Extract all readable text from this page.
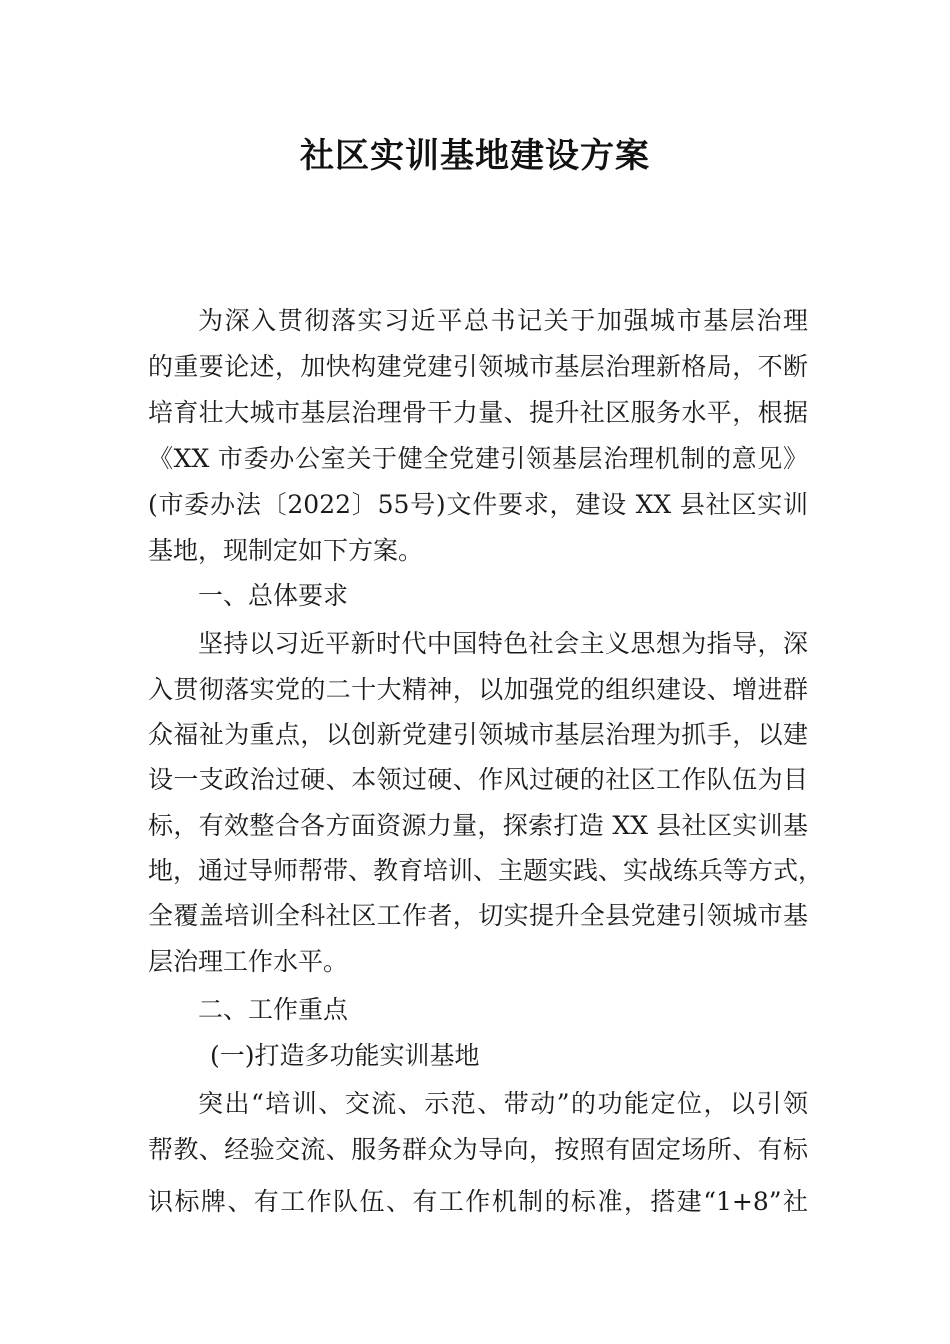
社区实训基地建设方案
为深入贯彻落实习近平总书记关于加强城市基层治理
的重要论述，加快构建党建引领城市基层治理新格局，不断
培育壮大城市基层治理骨干力量、提升社区服务水平，根据
《XX 市委办公室关于健全党建引领基层治理机制的意见》
(市委办法〔2022〕55号)文件要求，建设 XX 县社区实训
基地，现制定如下方案。
一、总体要求
坚持以习近平新时代中国特色社会主义思想为指导，深
入贯彻落实党的二十大精神，以加强党的组织建设、增进群
众福祉为重点，以创新党建引领城市基层治理为抓手，以建
设一支政治过硬、本领过硬、作风过硬的社区工作队伍为目
标，有效整合各方面资源力量，探索打造 XX 县社区实训基
地，通过导师帮带、教育培训、主题实践、实战练兵等方式，
全覆盖培训全科社区工作者，切实提升全县党建引领城市基
层治理工作水平。
二、工作重点
(一)打造多功能实训基地
突出“培训、交流、示范、带动”的功能定位，以引领
帮教、经验交流、服务群众为导向，按照有固定场所、有标
识标牌、有工作队伍、有工作机制的标准，搭建“1+8”社
